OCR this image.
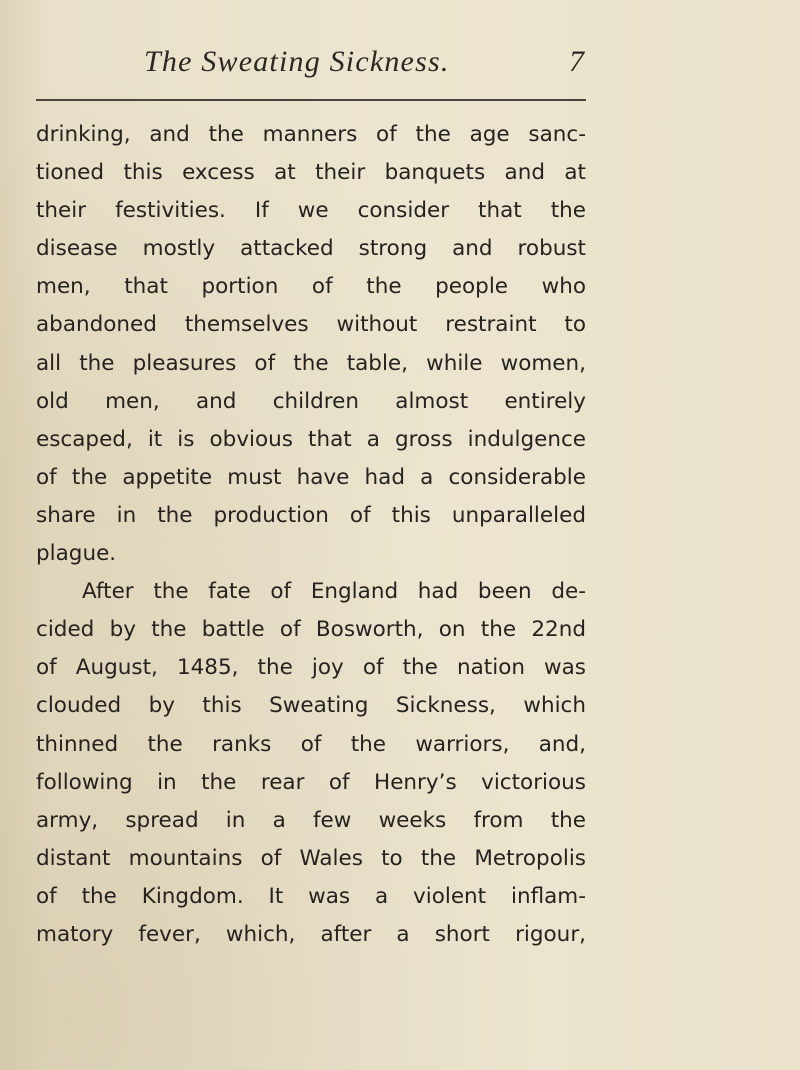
The Sweating Sickness.	7
drinking, and the manners of the age sanc-
tioned this excess at their banquets and at
their festivities. If we consider that the
disease mostly attacked strong and robust
men, that portion of the people who
abandoned themselves without restraint to
all the pleasures of the table, while women,
old men, and children almost entirely
escaped, it is obvious that a gross indulgence
of the appetite must have had a considerable
share in the production of this unparalleled
plague.
After the fate of England had been de-
cided by the battle of Bosworth, on the 22nd
of August, 1485, the joy of the nation was
clouded by this Sweating Sickness, which
thinned the ranks of the warriors, and,
following in the rear of Henry’s victorious
army, spread in a few weeks from the
distant mountains of Wales to the Metropolis
of the Kingdom. It was a violent inflam-
matory fever, which, after a short rigour,
